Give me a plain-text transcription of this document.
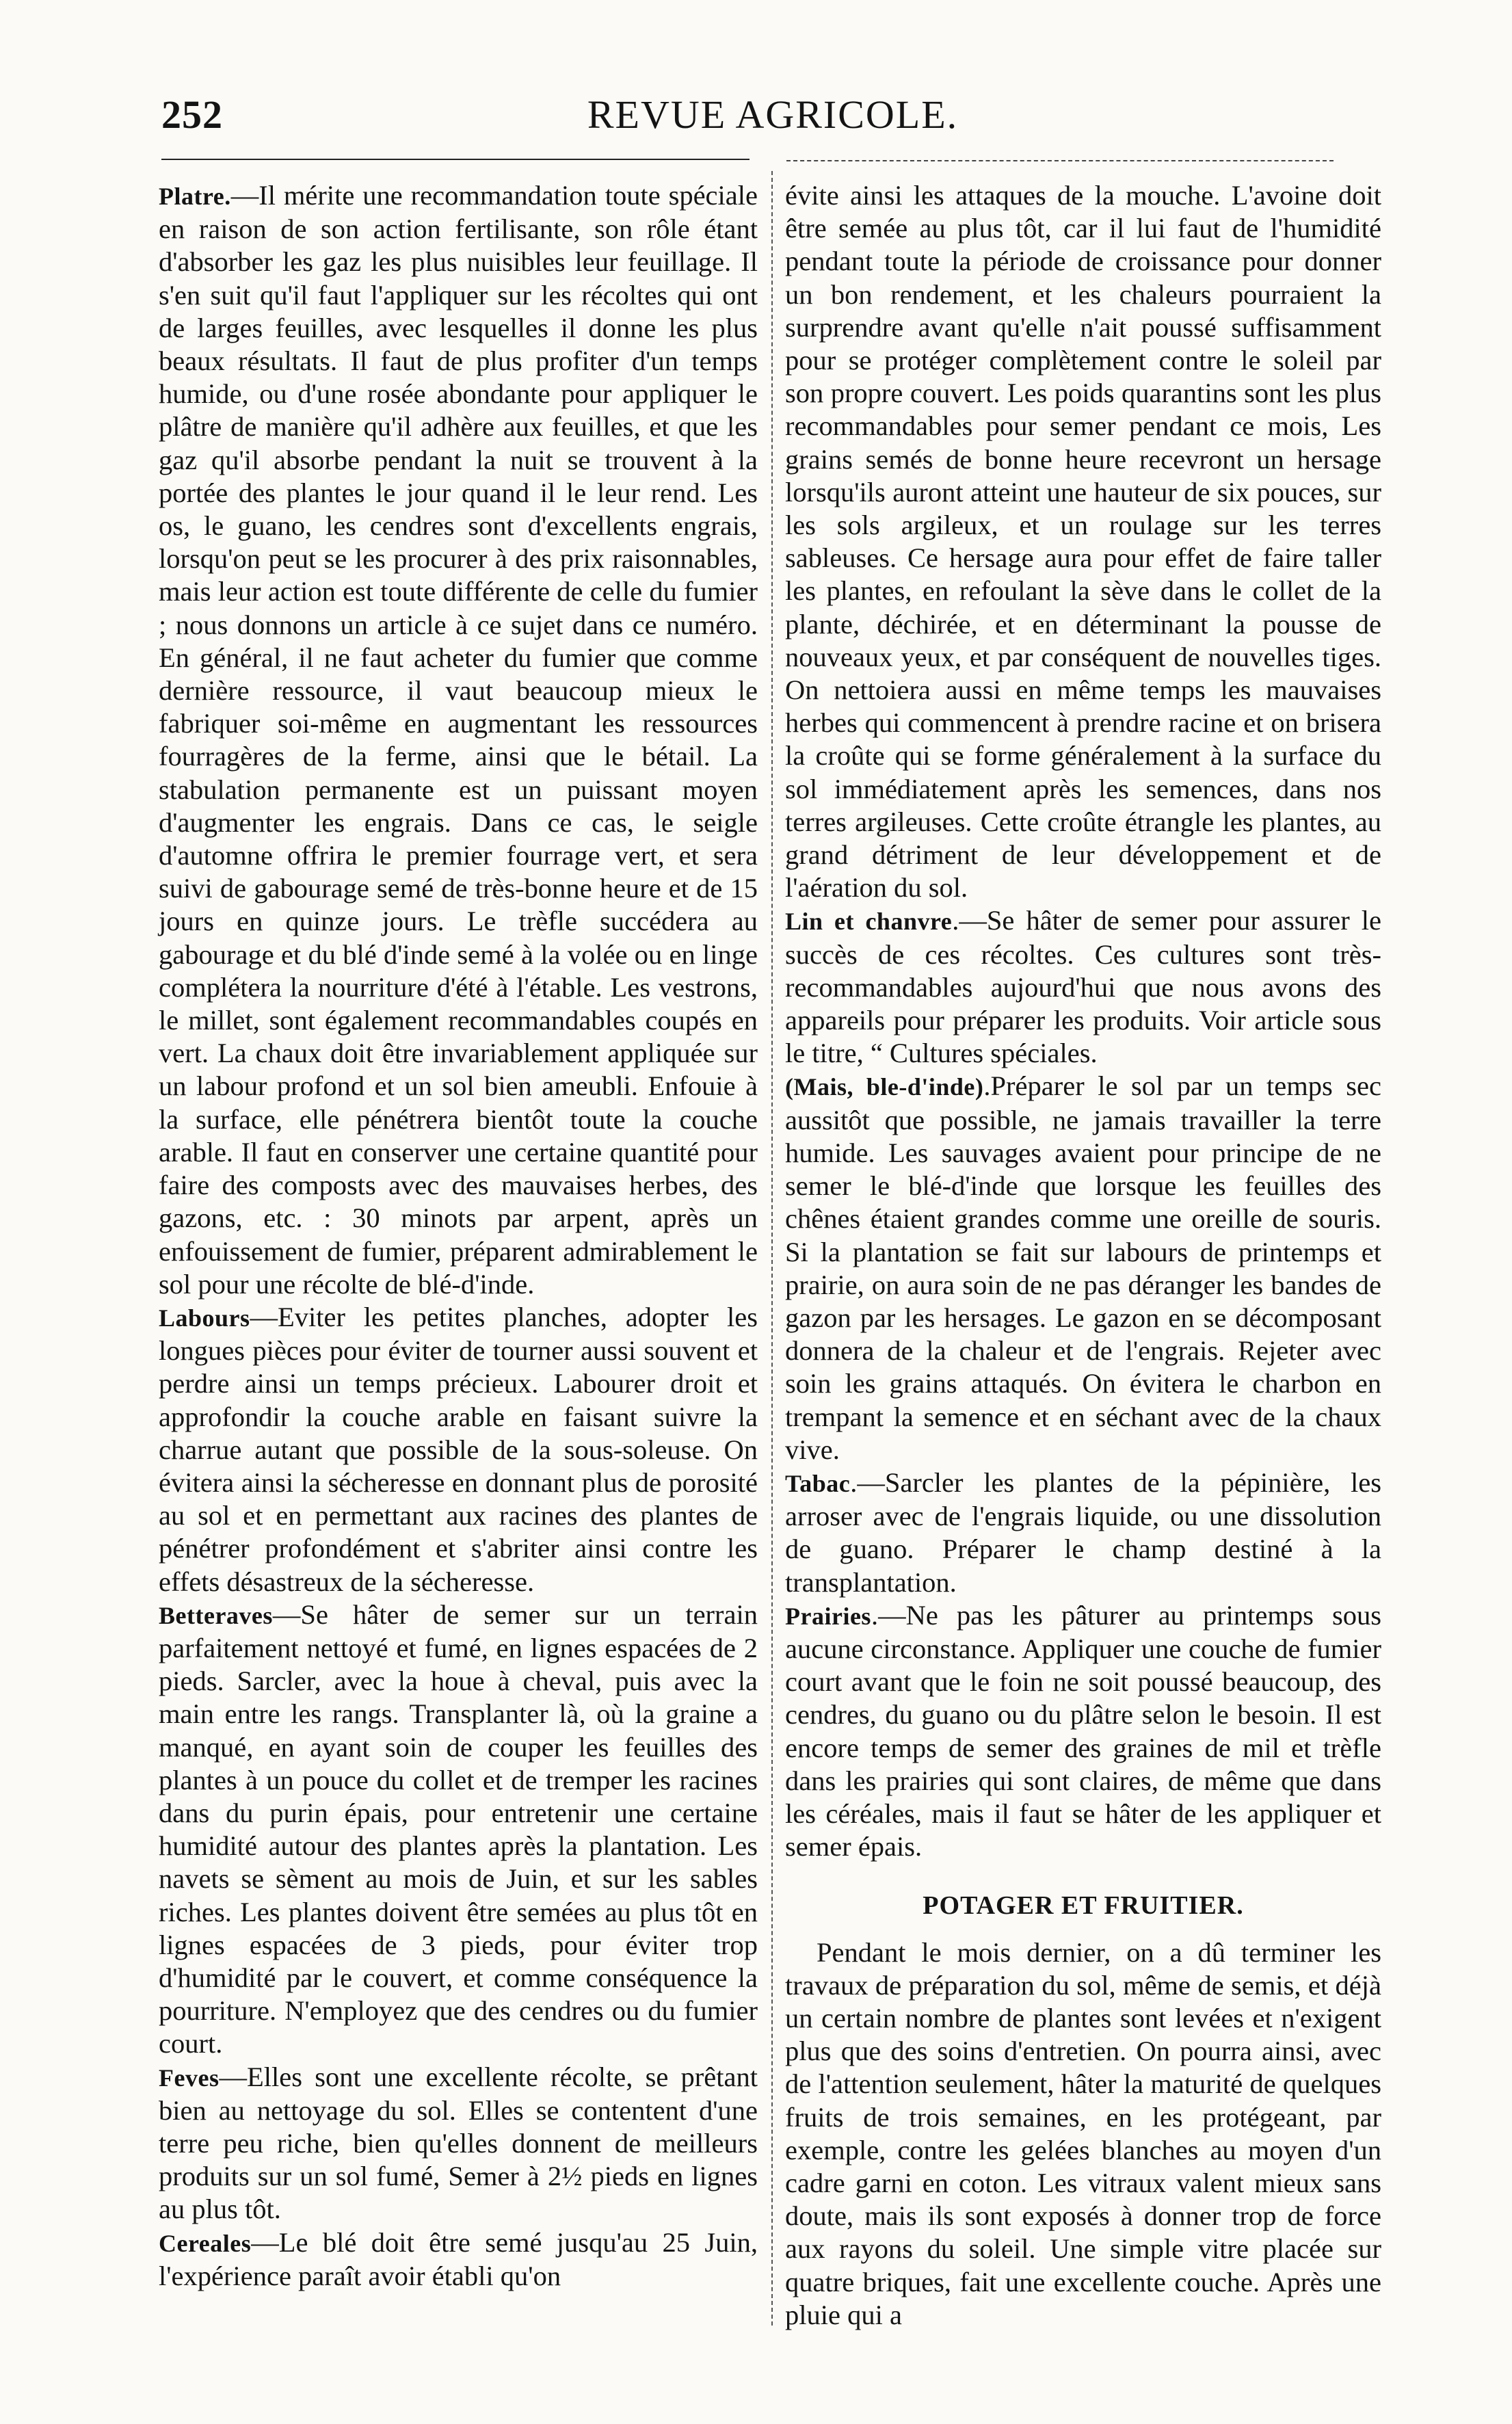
252	REVUE AGRICOLE.

Platre.—Il mérite une recommandation toute spéciale en raison de son action fertilisante, son rôle étant d'absorber les gaz les plus nuisibles leur feuillage. Il s'en suit qu'il faut l'appliquer sur les récoltes qui ont de larges feuilles, avec lesquelles il donne les plus beaux résultats. Il faut de plus profiter d'un temps humide, ou d'une rosée abondante pour appliquer le plâtre de manière qu'il adhère aux feuilles, et que les gaz qu'il absorbe pendant la nuit se trouvent à la portée des plantes le jour quand il le leur rend. Les os, le guano, les cendres sont d'excellents engrais, lorsqu'on peut se les procurer à des prix raisonnables, mais leur action est toute différente de celle du fumier ; nous donnons un article à ce sujet dans ce numéro. En général, il ne faut acheter du fumier que comme dernière ressource, il vaut beaucoup mieux le fabriquer soi-même en augmentant les ressources fourragères de la ferme, ainsi que le bétail. La stabulation permanente est un puissant moyen d'augmenter les engrais. Dans ce cas, le seigle d'automne offrira le premier fourrage vert, et sera suivi de gabourage semé de très-bonne heure et de 15 jours en quinze jours. Le trèfle succédera au gabourage et du blé d'inde semé à la volée ou en linge complétera la nourriture d'été à l'étable. Les vestrons, le millet, sont également recommandables coupés en vert. La chaux doit être invariablement appliquée sur un labour profond et un sol bien ameubli. Enfouie à la surface, elle pénétrera bientôt toute la couche arable. Il faut en conserver une certaine quantité pour faire des composts avec des mauvaises herbes, des gazons, etc. : 30 minots par arpent, après un enfouissement de fumier, préparent admirablement le sol pour une récolte de blé-d'inde.

Labours—Eviter les petites planches, adopter les longues pièces pour éviter de tourner aussi souvent et perdre ainsi un temps précieux. Labourer droit et approfondir la couche arable en faisant suivre la charrue autant que possible de la sous-soleuse. On évitera ainsi la sécheresse en donnant plus de porosité au sol et en permettant aux racines des plantes de pénétrer profondément et s'abriter ainsi contre les effets désastreux de la sécheresse.

Betteraves—Se hâter de semer sur un terrain parfaitement nettoyé et fumé, en lignes espacées de 2 pieds. Sarcler, avec la houe à cheval, puis avec la main entre les rangs. Transplanter là, où la graine a manqué, en ayant soin de couper les feuilles des plantes à un pouce du collet et de tremper les racines dans du purin épais, pour entretenir une certaine humidité autour des plantes après la plantation. Les navets se sèment au mois de Juin, et sur les sables riches. Les plantes doivent être semées au plus tôt en lignes espacées de 3 pieds, pour éviter trop d'humidité par le couvert, et comme conséquence la pourriture. N'employez que des cendres ou du fumier court.

Feves—Elles sont une excellente récolte, se prêtant bien au nettoyage du sol. Elles se contentent d'une terre peu riche, bien qu'elles donnent de meilleurs produits sur un sol fumé, Semer à 2½ pieds en lignes au plus tôt.

Cereales—Le blé doit être semé jusqu'au 25 Juin, l'expérience paraît avoir établi qu'on

évite ainsi les attaques de la mouche. L'avoine doit être semée au plus tôt, car il lui faut de l'humidité pendant toute la période de croissance pour donner un bon rendement, et les chaleurs pourraient la surprendre avant qu'elle n'ait poussé suffisamment pour se protéger complètement contre le soleil par son propre couvert. Les poids quarantins sont les plus recommandables pour semer pendant ce mois, Les grains semés de bonne heure recevront un hersage lorsqu'ils auront atteint une hauteur de six pouces, sur les sols argileux, et un roulage sur les terres sableuses. Ce hersage aura pour effet de faire taller les plantes, en refoulant la sève dans le collet de la plante, déchirée, et en déterminant la pousse de nouveaux yeux, et par conséquent de nouvelles tiges. On nettoiera aussi en même temps les mauvaises herbes qui commencent à prendre racine et on brisera la croûte qui se forme généralement à la surface du sol immédiatement après les semences, dans nos terres argileuses. Cette croûte étrangle les plantes, au grand détriment de leur développement et de l'aération du sol.

Lin et chanvre.—Se hâter de semer pour assurer le succès de ces récoltes. Ces cultures sont très-recommandables aujourd'hui que nous avons des appareils pour préparer les produits. Voir article sous le titre, “ Cultures spéciales.

(Mais, ble-d'inde).Préparer le sol par un temps sec aussitôt que possible, ne jamais travailler la terre humide. Les sauvages avaient pour principe de ne semer le blé-d'inde que lorsque les feuilles des chênes étaient grandes comme une oreille de souris. Si la plantation se fait sur labours de printemps et prairie, on aura soin de ne pas déranger les bandes de gazon par les hersages. Le gazon en se décomposant donnera de la chaleur et de l'engrais. Rejeter avec soin les grains attaqués. On évitera le charbon en trempant la semence et en séchant avec de la chaux vive.

Tabac.—Sarcler les plantes de la pépinière, les arroser avec de l'engrais liquide, ou une dissolution de guano. Préparer le champ destiné à la transplantation.

Prairies.—Ne pas les pâturer au printemps sous aucune circonstance. Appliquer une couche de fumier court avant que le foin ne soit poussé beaucoup, des cendres, du guano ou du plâtre selon le besoin. Il est encore temps de semer des graines de mil et trèfle dans les prairies qui sont claires, de même que dans les céréales, mais il faut se hâter de les appliquer et semer épais.

POTAGER ET FRUITIER.

Pendant le mois dernier, on a dû terminer les travaux de préparation du sol, même de semis, et déjà un certain nombre de plantes sont levées et n'exigent plus que des soins d'entretien. On pourra ainsi, avec de l'attention seulement, hâter la maturité de quelques fruits de trois semaines, en les protégeant, par exemple, contre les gelées blanches au moyen d'un cadre garni en coton. Les vitraux valent mieux sans doute, mais ils sont exposés à donner trop de force aux rayons du soleil. Une simple vitre placée sur quatre briques, fait une excellente couche. Après une pluie qui a
